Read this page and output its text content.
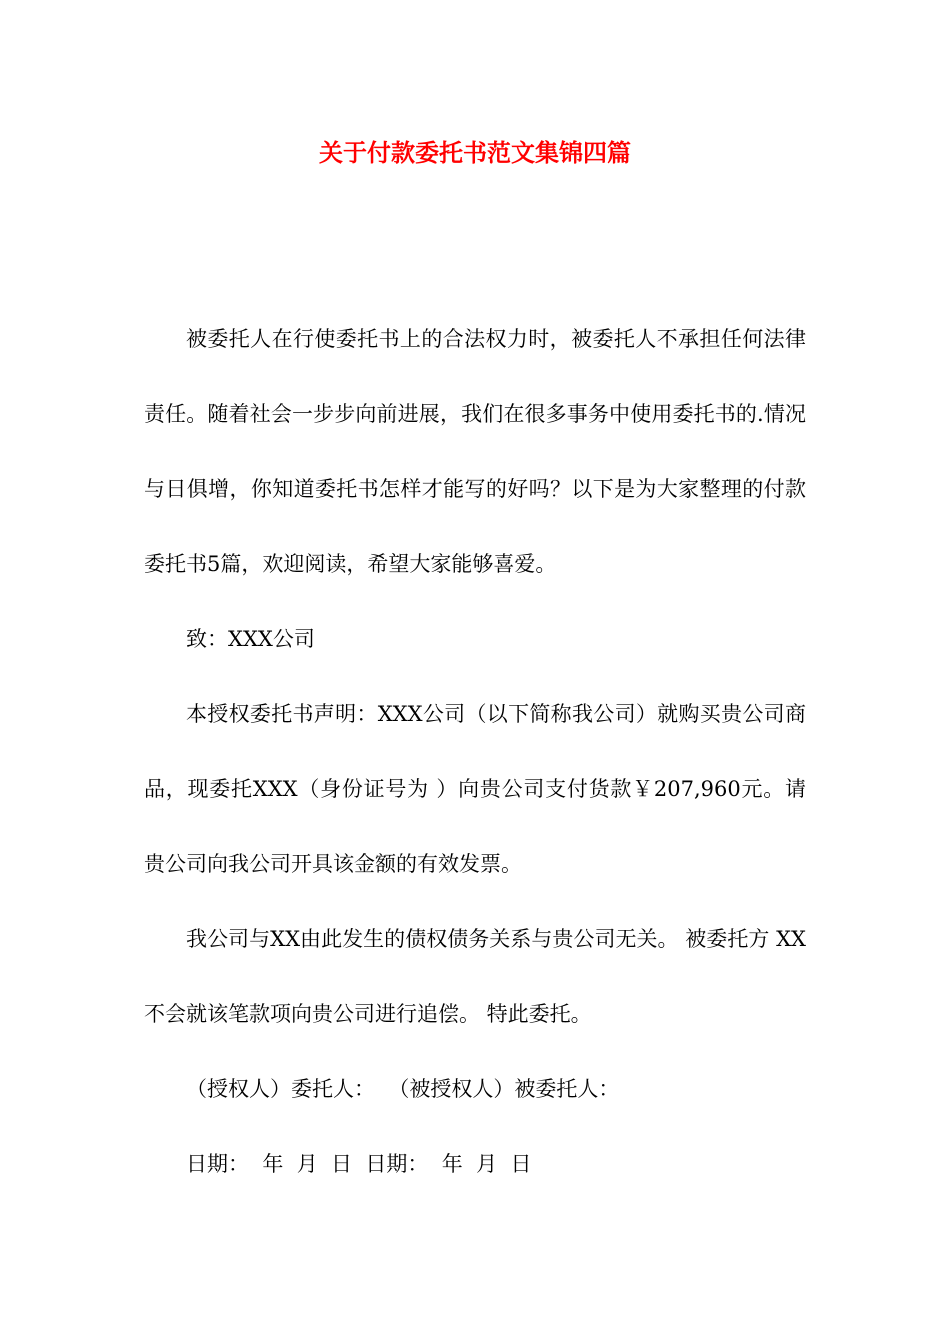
关于付款委托书范文集锦四篇

被委托人在行使委托书上的合法权力时，被委托人不承担任何法律责任。随着社会一步步向前进展，我们在很多事务中使用委托书的.情况与日俱增，你知道委托书怎样才能写的好吗？以下是为大家整理的付款委托书5篇，欢迎阅读，希望大家能够喜爱。

致：XXX公司

本授权委托书声明：XXX公司（以下简称我公司）就购买贵公司商品，现委托XXX（身份证号为 ）向贵公司支付货款￥207,960元。请贵公司向我公司开具该金额的有效发票。

我公司与XX由此发生的债权债务关系与贵公司无关。 被委托方 XX 不会就该笔款项向贵公司进行追偿。 特此委托。

（授权人）委托人：  （被授权人）被委托人：

日期：  年  月  日  日期：  年  月  日
